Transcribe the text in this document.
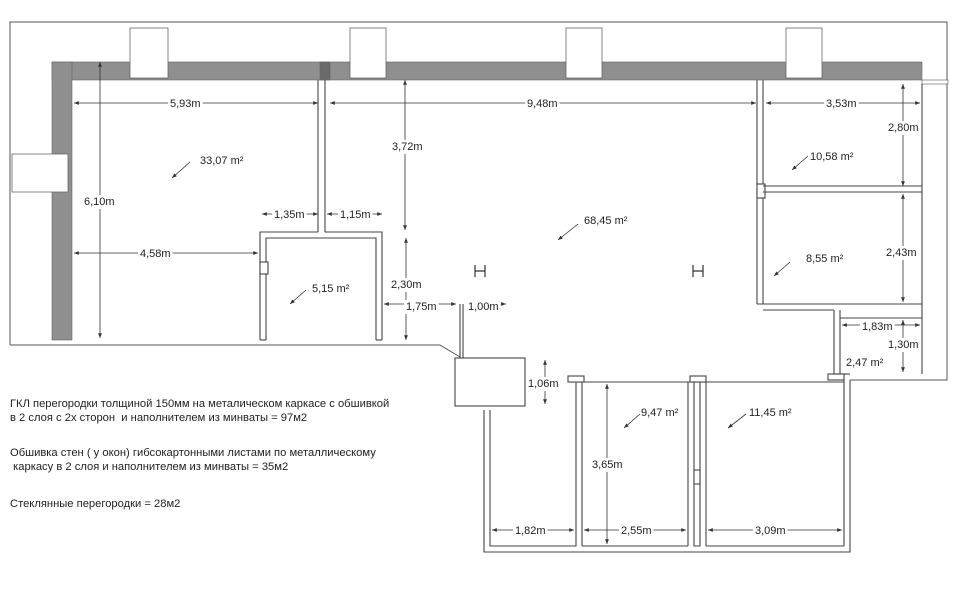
5,93m	9,48m	3,53m
2,80m
3,72m
6,10m
1,35m	1,15m
4,58m
2,30m
1,75m	1,00m
2,43m
1,83m
1,30m
1,06m
3,65m
1,82m	2,55m	3,09m
33,07 m²	10,58 m²
68,45 m²
8,55 m²
5,15 m²
2,47 m²
9,47 m²	11,45 m²
ГКЛ перегородки толщиной 150мм на металическом каркасе с обшивкой
в 2 слоя с 2х сторон  и наполнителем из минваты = 97м2
Обшивка стен ( у окон) гибсокартонными листами по металлическому
каркасу в 2 слоя и наполнителем из минваты = 35м2
Стеклянные перегородки = 28м2
